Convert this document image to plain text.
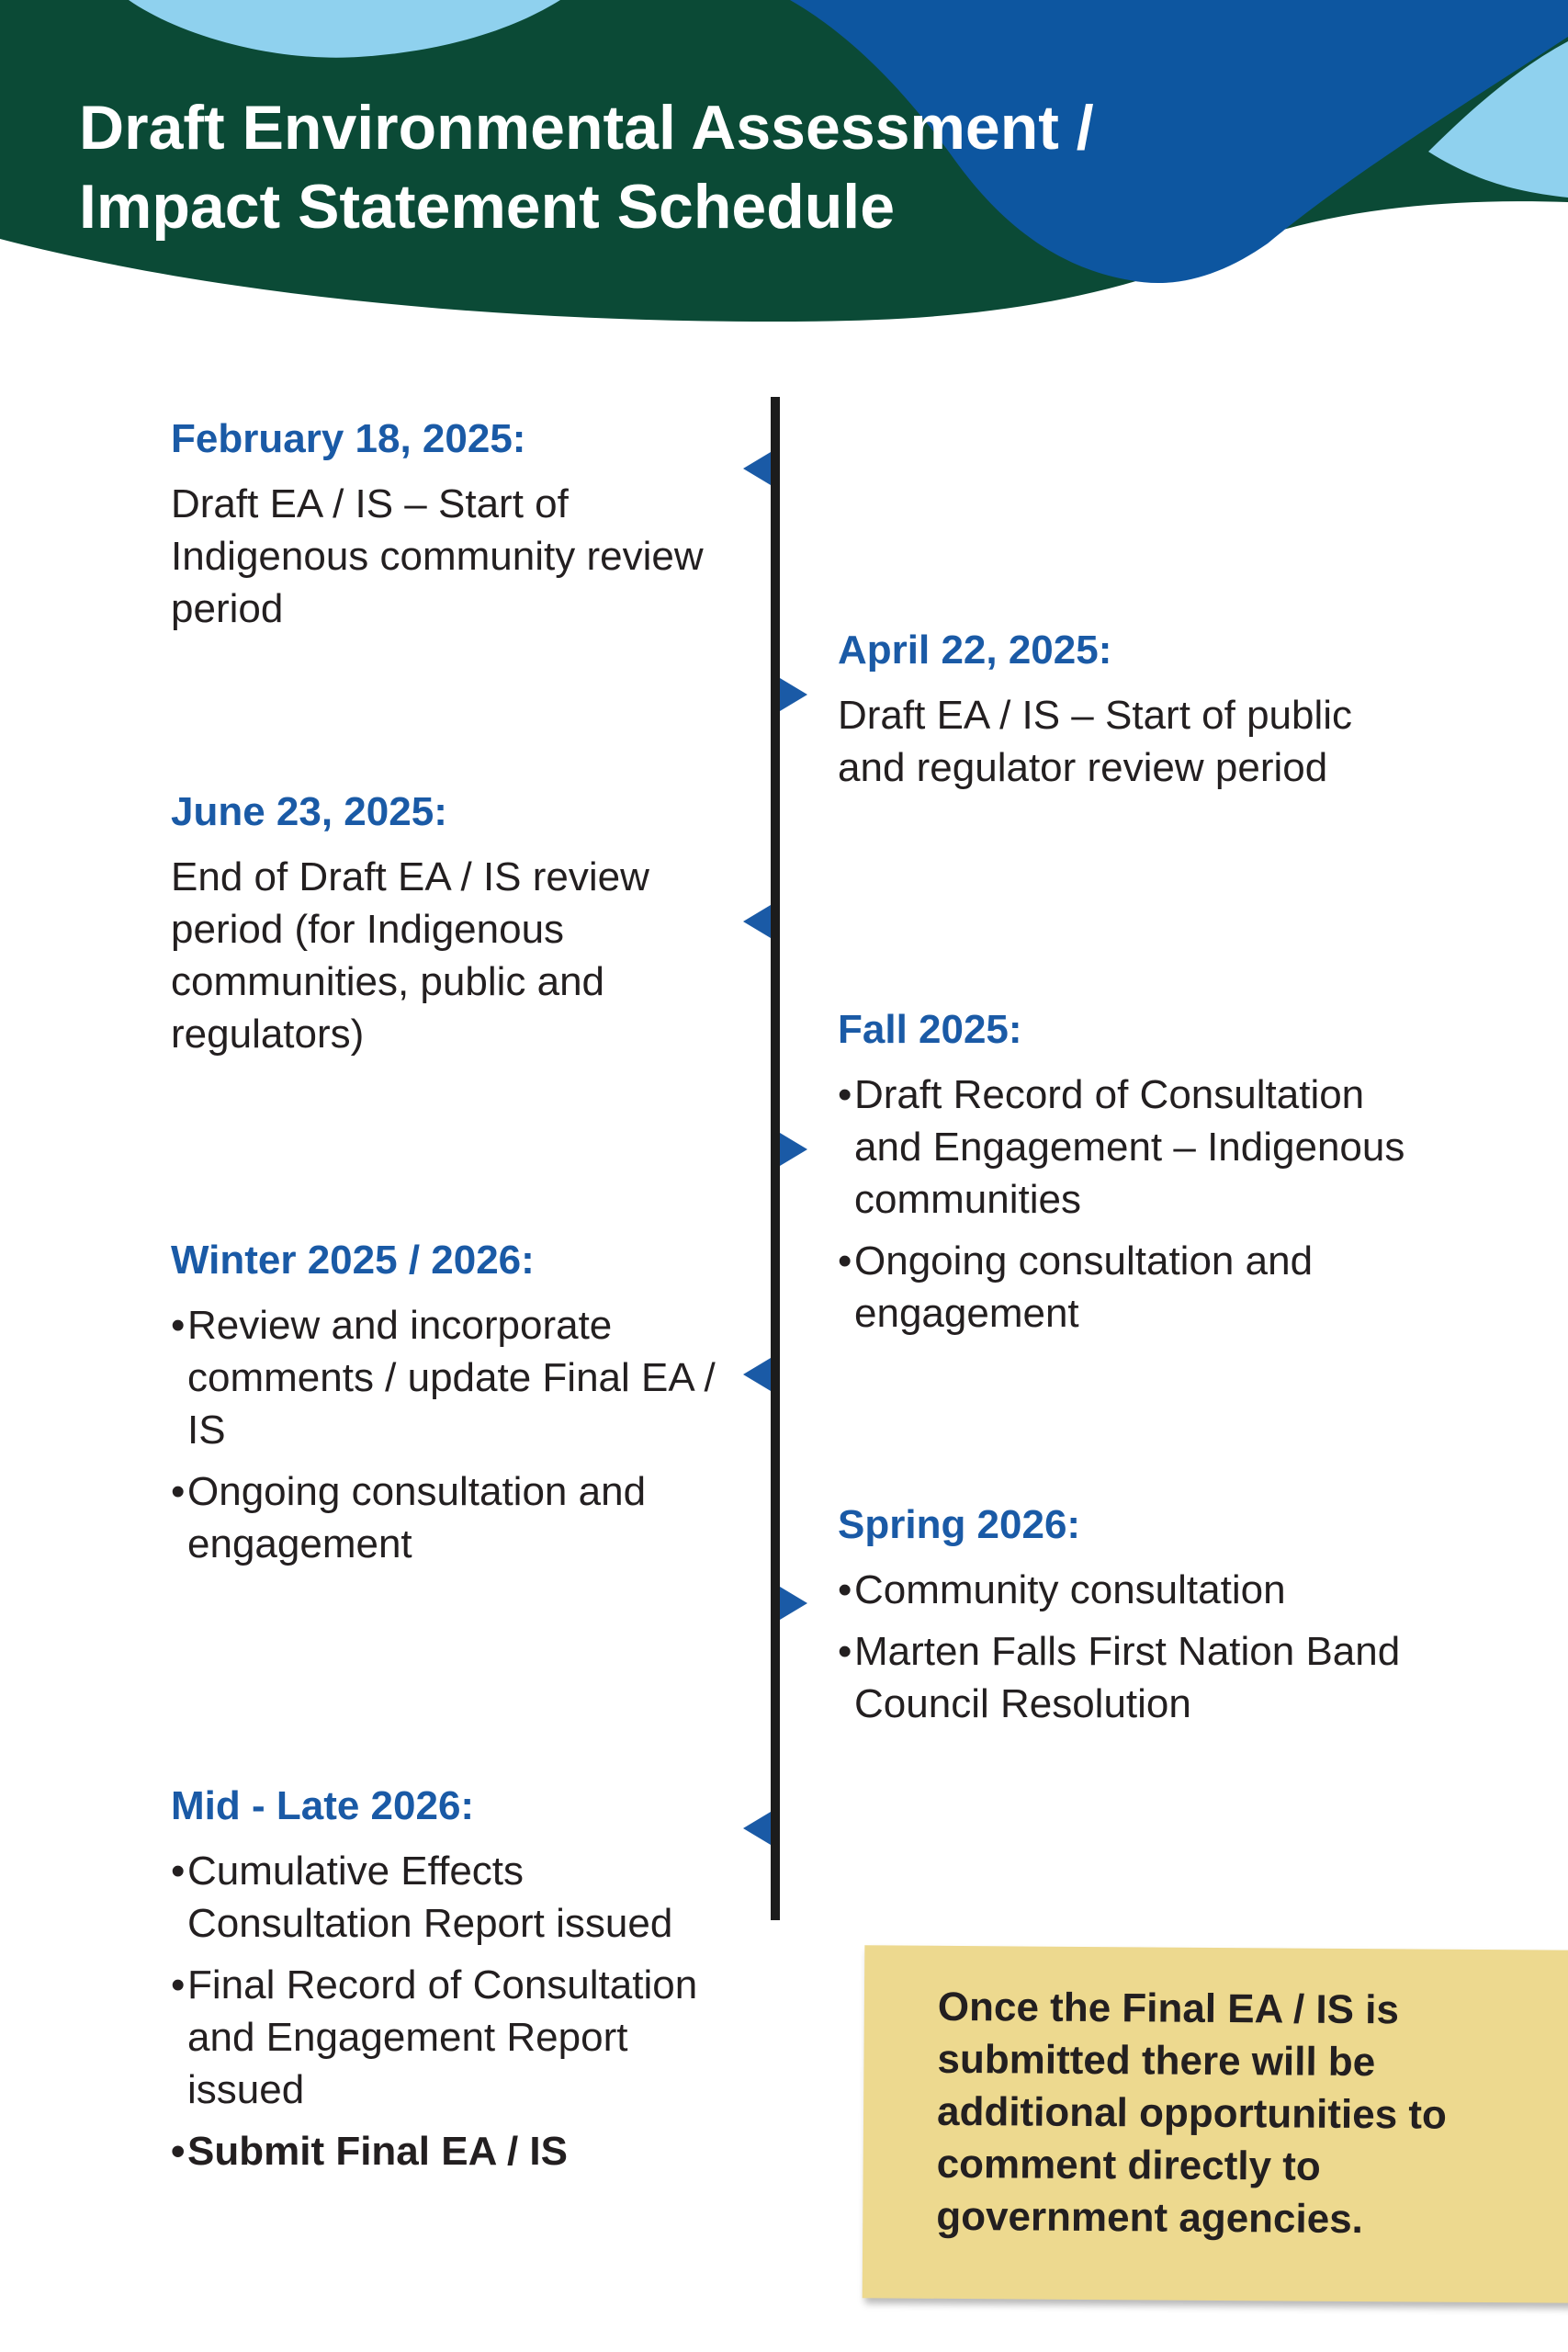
Draft Environmental Assessment /
Impact Statement Schedule

February 18, 2025:

Draft EA / IS – Start of Indigenous community review period

April 22, 2025:

Draft EA / IS – Start of public and regulator review period

June 23, 2025:

End of Draft EA / IS review period (for Indigenous communities, public and regulators)	Fall 2025:

• Draft Record of Consultation and Engagement – Indigenous communities
• Ongoing consultation and engagement

Winter 2025 / 2026:

• Review and incorporate comments / update Final EA / IS
• Ongoing consultation and engagement	Spring 2026:

• Community consultation
• Marten Falls First Nation Band Council Resolution

Mid - Late 2026:

• Cumulative Effects Consultation Report issued
• Final Record of Consultation and Engagement Report issued
• Submit Final EA / IS

Once the Final EA / IS is submitted there will be additional opportunities to comment directly to government agencies.
